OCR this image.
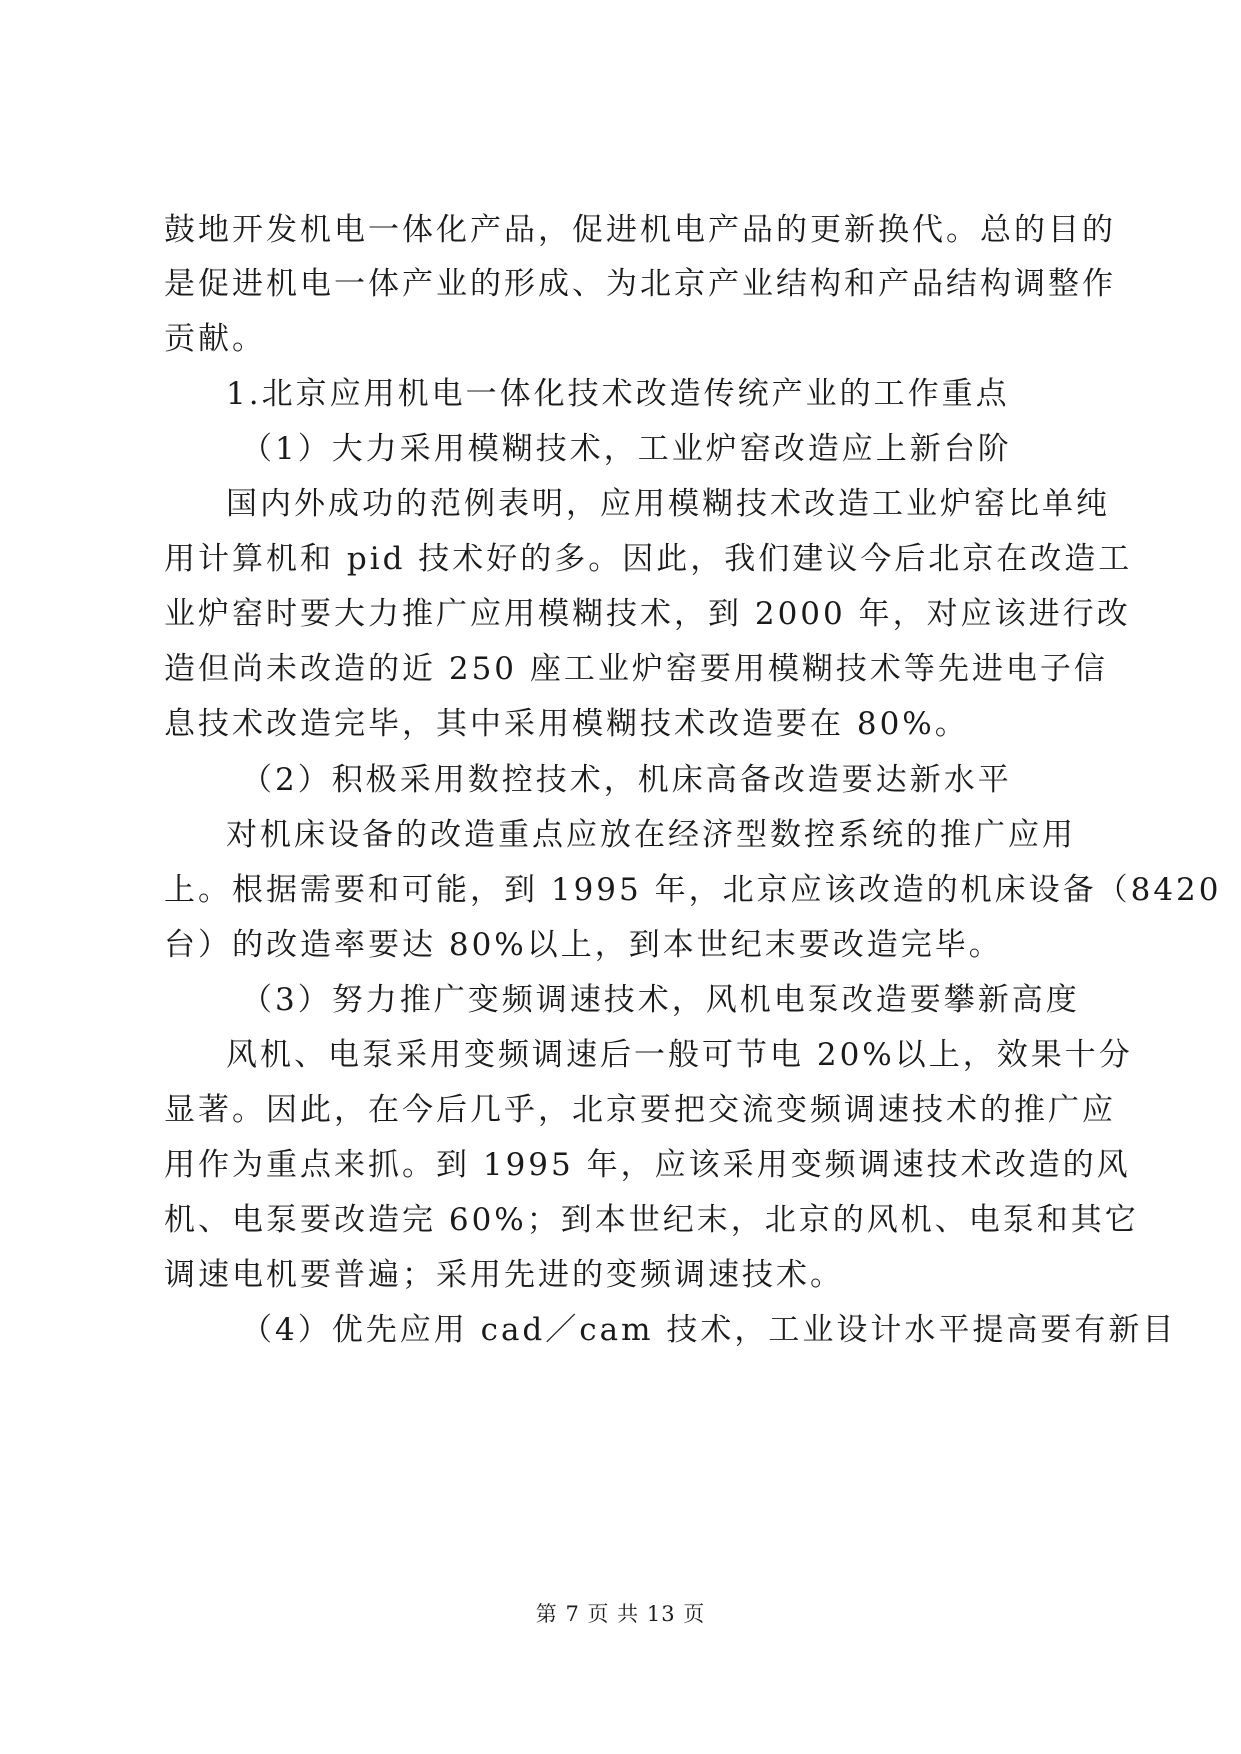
鼓地开发机电一体化产品，促进机电产品的更新换代。总的目的
是促进机电一体产业的形成、为北京产业结构和产品结构调整作
贡献。
1.北京应用机电一体化技术改造传统产业的工作重点
（1）大力采用模糊技术，工业炉窑改造应上新台阶
国内外成功的范例表明，应用模糊技术改造工业炉窑比单纯
用计算机和 pid 技术好的多。因此，我们建议今后北京在改造工
业炉窑时要大力推广应用模糊技术，到 2000 年，对应该进行改
造但尚未改造的近 250 座工业炉窑要用模糊技术等先进电子信
息技术改造完毕，其中采用模糊技术改造要在 80%。
（2）积极采用数控技术，机床高备改造要达新水平
对机床设备的改造重点应放在经济型数控系统的推广应用
上。根据需要和可能，到 1995 年，北京应该改造的机床设备（8420
台）的改造率要达 80%以上，到本世纪末要改造完毕。
（3）努力推广变频调速技术，风机电泵改造要攀新高度
风机、电泵采用变频调速后一般可节电 20%以上，效果十分
显著。因此，在今后几乎，北京要把交流变频调速技术的推广应
用作为重点来抓。到 1995 年，应该采用变频调速技术改造的风
机、电泵要改造完 60%；到本世纪末，北京的风机、电泵和其它
调速电机要普遍；采用先进的变频调速技术。
（4）优先应用 cad／cam 技术，工业设计水平提高要有新目
第 7 页 共 13 页
